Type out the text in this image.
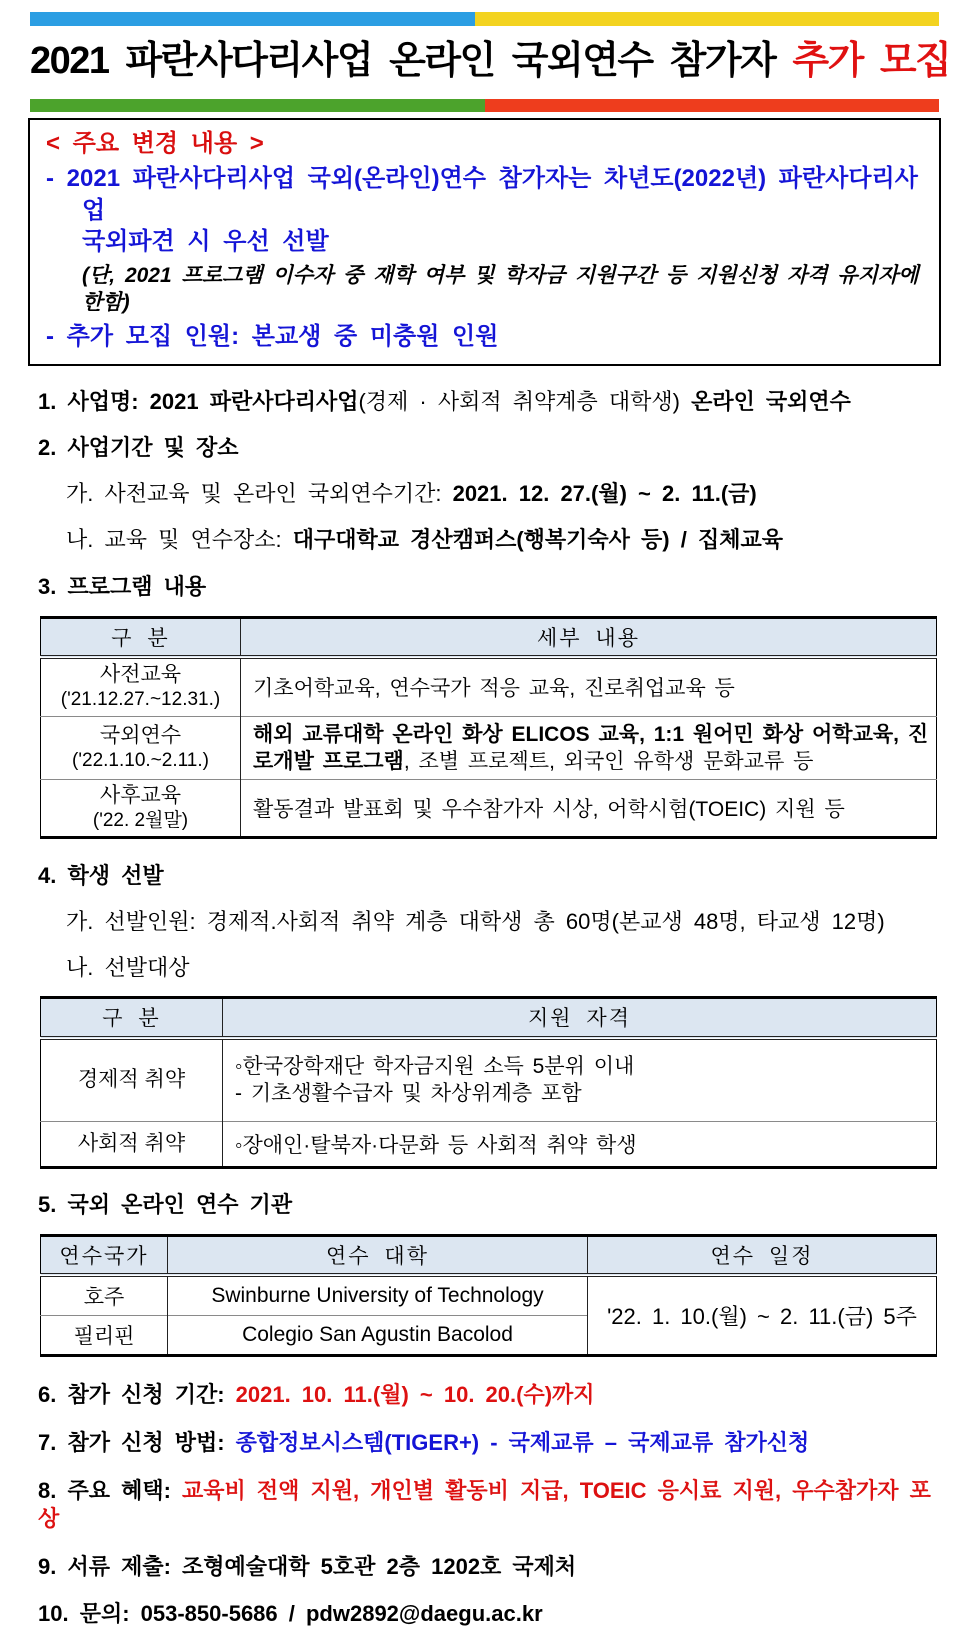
2021 파란사다리사업 온라인 국외연수 참가자 추가 모집
< 주요 변경 내용 >
- 2021 파란사다리사업 국외(온라인)연수 참가자는 차년도(2022년) 파란사다리사업
국외파견 시 우선 선발
(단, 2021 프로그램 이수자 중 재학 여부 및 학자금 지원구간 등 지원신청 자격 유지자에 한함)
- 추가 모집 인원: 본교생 중 미충원 인원

1. 사업명: 2021 파란사다리사업(경제 · 사회적 취약계층 대학생) 온라인 국외연수

2. 사업기간 및 장소

가. 사전교육 및 온라인 국외연수기간: 2021. 12. 27.(월) ~ 2. 11.(금)

나. 교육 및 연수장소: 대구대학교 경산캠퍼스(행복기숙사 등) / 집체교육

3. 프로그램 내용

구 분	세부 내용
사전교육
('21.12.27.~12.31.)	기초어학교육, 연수국가 적응 교육, 진로취업교육 등
국외연수
('22.1.10.~2.11.)	해외 교류대학 온라인 화상 ELICOS 교육, 1:1 원어민 화상 어학교육, 진로개발 프로그램, 조별 프로젝트, 외국인 유학생 문화교류 등
사후교육
('22. 2월말)	활동결과 발표회 및 우수참가자 시상, 어학시험(TOEIC) 지원 등

4. 학생 선발

가. 선발인원: 경제적.사회적 취약 계층 대학생 총 60명(본교생 48명, 타교생 12명)

나. 선발대상

구 분	지원 자격
경제적 취약	◦한국장학재단 학자금지원 소득 5분위 이내
- 기초생활수급자 및 차상위계층 포함
사회적 취약	◦장애인·탈북자·다문화 등 사회적 취약 학생

5. 국외 온라인 연수 기관

연수국가	연수 대학	연수 일정
호주	Swinburne University of Technology	'22. 1. 10.(월) ~ 2. 11.(금) 5주
필리핀	Colegio San Agustin Bacolod	

6. 참가 신청 기간: 2021. 10. 11.(월) ~ 10. 20.(수)까지

7. 참가 신청 방법: 종합정보시스템(TIGER+) - 국제교류 – 국제교류 참가신청

8. 주요 혜택: 교육비 전액 지원, 개인별 활동비 지급, TOEIC 응시료 지원, 우수참가자 포상

9. 서류 제출: 조형예술대학 5호관 2층 1202호 국제처

10. 문의: 053-850-5686 / pdw2892@daegu.ac.kr
